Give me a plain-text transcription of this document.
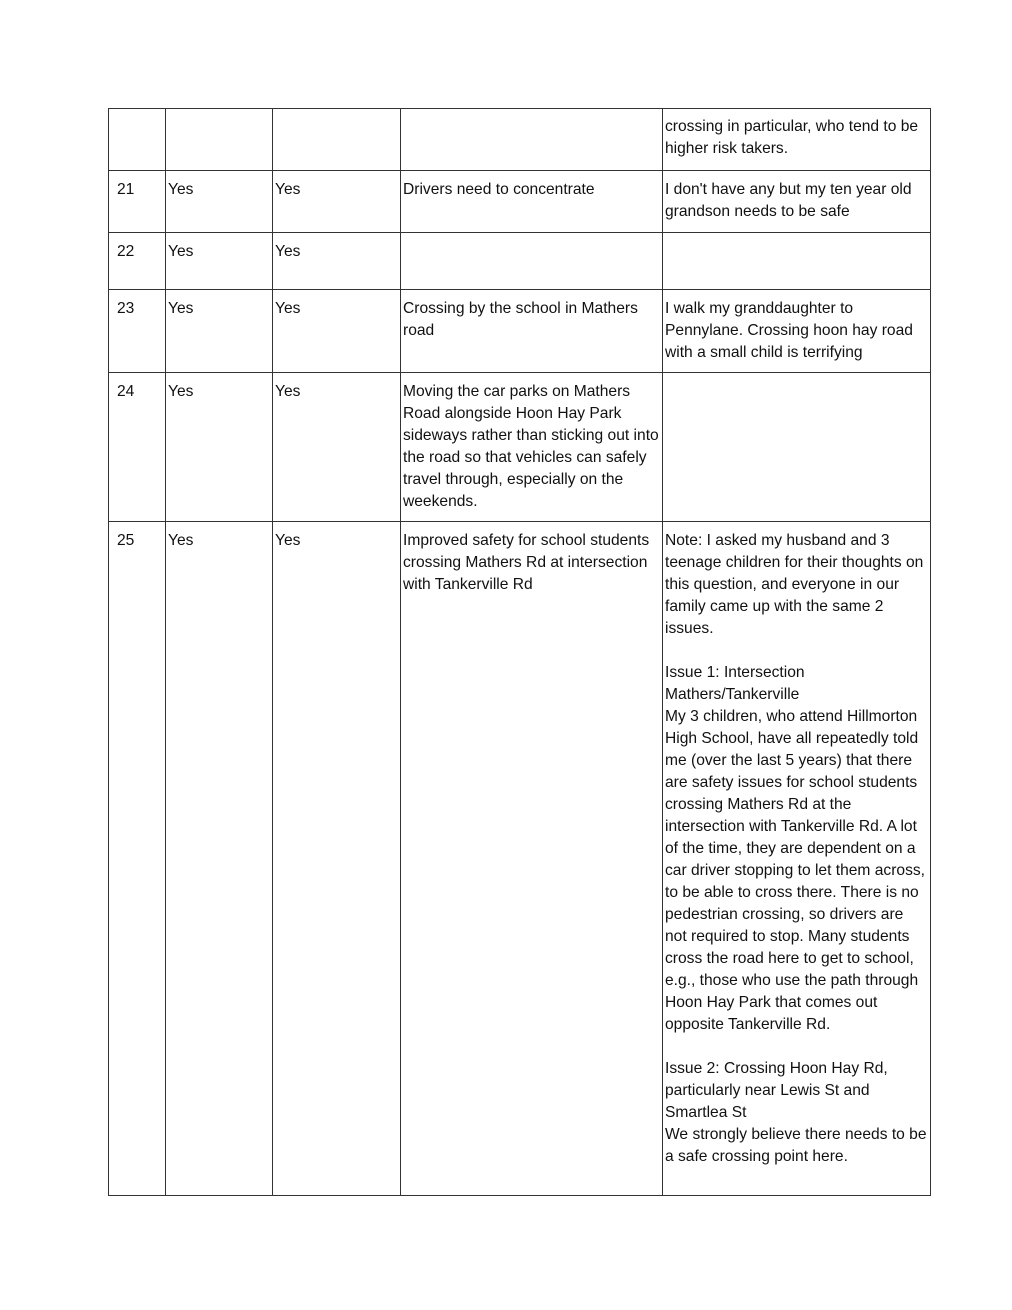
				crossing in particular, who tend to be higher risk takers.
21	Yes	Yes	Drivers need to concentrate	I don't have any but my ten year old grandson needs to be safe
22	Yes	Yes		
23	Yes	Yes	Crossing by the school in Mathers road	I walk my granddaughter to Pennylane. Crossing hoon hay road with a small child is terrifying
24	Yes	Yes	Moving the car parks on Mathers Road alongside Hoon Hay Park sideways rather than sticking out into the road so that vehicles can safely travel through, especially on the weekends.	
25	Yes	Yes	Improved safety for school students crossing Mathers Rd at intersection with Tankerville Rd	Note: I asked my husband and 3 teenage children for their thoughts on this question, and everyone in our family came up with the same 2 issues.

Issue 1: Intersection Mathers/Tankerville
My 3 children, who attend Hillmorton High School, have all repeatedly told me (over the last 5 years) that there are safety issues for school students crossing Mathers Rd at the intersection with Tankerville Rd. A lot of the time, they are dependent on a car driver stopping to let them across, to be able to cross there. There is no pedestrian crossing, so drivers are not required to stop. Many students cross the road here to get to school, e.g., those who use the path through Hoon Hay Park that comes out opposite Tankerville Rd.

Issue 2: Crossing Hoon Hay Rd, particularly near Lewis St and Smartlea St
We strongly believe there needs to be a safe crossing point here.
